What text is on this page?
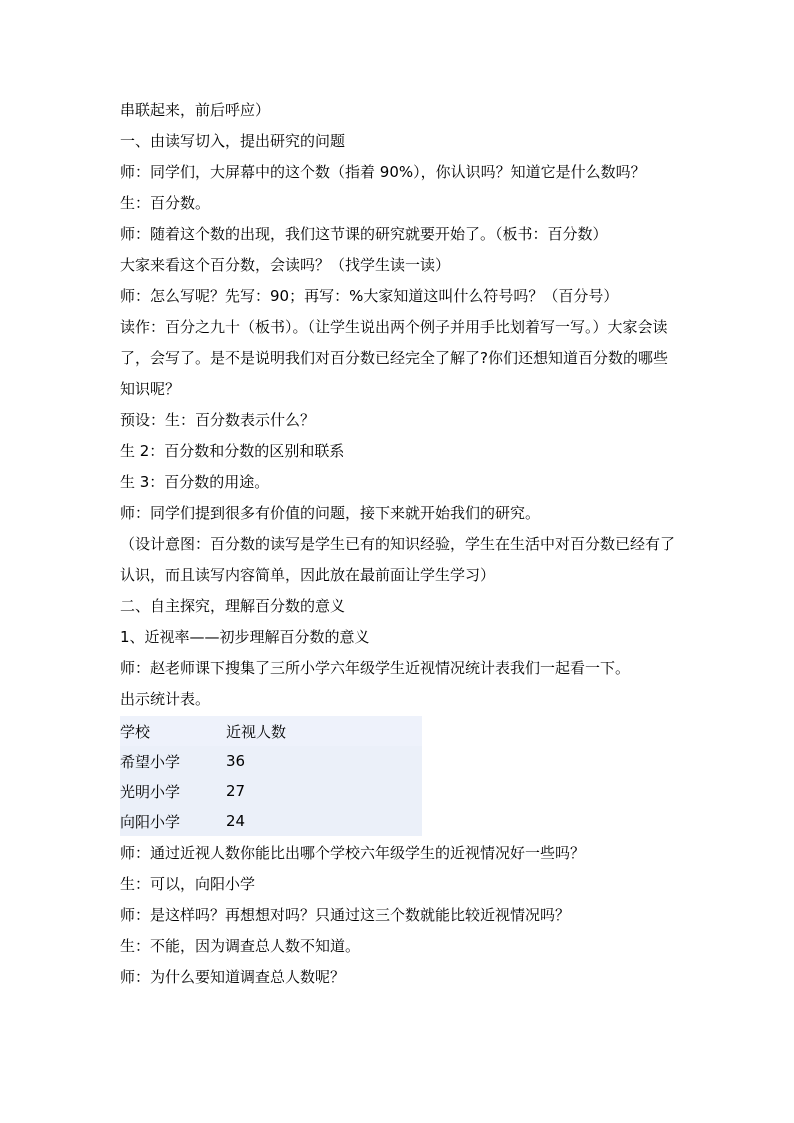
串联起来，前后呼应）
一、由读写切入，提出研究的问题
师：同学们，大屏幕中的这个数（指着 90%），你认识吗？知道它是什么数吗？
生：百分数。
师：随着这个数的出现，我们这节课的研究就要开始了。（板书：百分数）
大家来看这个百分数，会读吗？（找学生读一读）
师：怎么写呢？先写：90；再写：%大家知道这叫什么符号吗？（百分号）
读作：百分之九十（板书）。（让学生说出两个例子并用手比划着写一写。）大家会读了，会写了。是不是说明我们对百分数已经完全了解了?你们还想知道百分数的哪些知识呢？
预设：生：百分数表示什么？
生 2：百分数和分数的区别和联系
生 3：百分数的用途。
师：同学们提到很多有价值的问题，接下来就开始我们的研究。
（设计意图：百分数的读写是学生已有的知识经验，学生在生活中对百分数已经有了认识，而且读写内容简单，因此放在最前面让学生学习）
二、自主探究，理解百分数的意义
1、近视率——初步理解百分数的意义
师：赵老师课下搜集了三所小学六年级学生近视情况统计表我们一起看一下。
出示统计表。
学校	近视人数
希望小学	36
光明小学	27
向阳小学	24
师：通过近视人数你能比出哪个学校六年级学生的近视情况好一些吗？
生：可以，向阳小学
师：是这样吗？再想想对吗？只通过这三个数就能比较近视情况吗？
生：不能，因为调查总人数不知道。
师：为什么要知道调查总人数呢？
